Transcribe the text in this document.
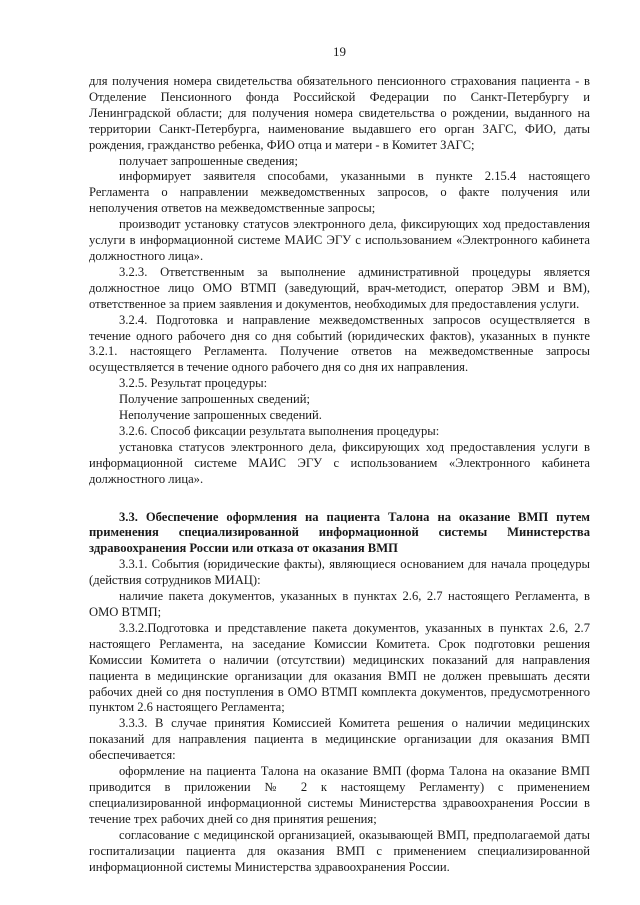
19

для получения номера свидетельства обязательного пенсионного страхования пациента - в Отделение Пенсионного фонда Российской Федерации по Санкт-Петербургу и Ленинградской области; для получения номера свидетельства о рождении, выданного на территории Санкт-Петербурга, наименование выдавшего его орган ЗАГС, ФИО, даты рождения, гражданство ребенка, ФИО отца и матери - в Комитет ЗАГС;

получает запрошенные сведения;

информирует заявителя способами, указанными в пункте 2.15.4 настоящего Регламента о направлении межведомственных запросов, о факте получения или неполучения ответов на межведомственные запросы;

производит установку статусов электронного дела, фиксирующих ход предоставления услуги в информационной системе МАИС ЭГУ с использованием «Электронного кабинета должностного лица».

3.2.3. Ответственным за выполнение административной процедуры является должностное лицо ОМО ВТМП (заведующий, врач-методист, оператор ЭВМ и ВМ), ответственное за прием заявления и документов, необходимых для предоставления услуги.

3.2.4. Подготовка и направление межведомственных запросов осуществляется в течение одного рабочего дня со дня событий (юридических фактов), указанных в пункте 3.2.1. настоящего Регламента. Получение ответов на межведомственные запросы осуществляется в течение одного рабочего дня со дня их направления.

3.2.5. Результат процедуры:

Получение запрошенных сведений;

Неполучение запрошенных сведений.

3.2.6. Способ фиксации результата выполнения процедуры:

установка статусов электронного дела, фиксирующих ход предоставления услуги в информационной системе МАИС ЭГУ с использованием «Электронного кабинета должностного лица».

3.3. Обеспечение оформления на пациента Талона на оказание ВМП путем применения специализированной информационной системы Министерства здравоохранения России или отказа от оказания ВМП

3.3.1. События (юридические факты), являющиеся основанием для начала процедуры (действия сотрудников МИАЦ):

наличие пакета документов, указанных в пунктах 2.6, 2.7 настоящего Регламента, в ОМО ВТМП;

3.3.2.Подготовка и представление пакета документов, указанных в пунктах 2.6, 2.7 настоящего Регламента, на заседание Комиссии Комитета. Срок подготовки решения Комиссии Комитета о наличии (отсутствии) медицинских показаний для направления пациента в медицинские организации для оказания ВМП не должен превышать десяти рабочих дней со дня поступления в ОМО ВТМП комплекта документов, предусмотренного пунктом 2.6 настоящего Регламента;

3.3.3. В случае принятия Комиссией Комитета решения о наличии медицинских показаний для направления пациента в медицинские организации для оказания ВМП обеспечивается:

оформление на пациента Талона на оказание ВМП (форма Талона на оказание ВМП приводится в приложении № 2 к настоящему Регламенту) с применением специализированной информационной системы Министерства здравоохранения России в течение трех рабочих дней со дня принятия решения;

согласование с медицинской организацией, оказывающей ВМП, предполагаемой даты госпитализации пациента для оказания ВМП с применением специализированной информационной системы Министерства здравоохранения России.
